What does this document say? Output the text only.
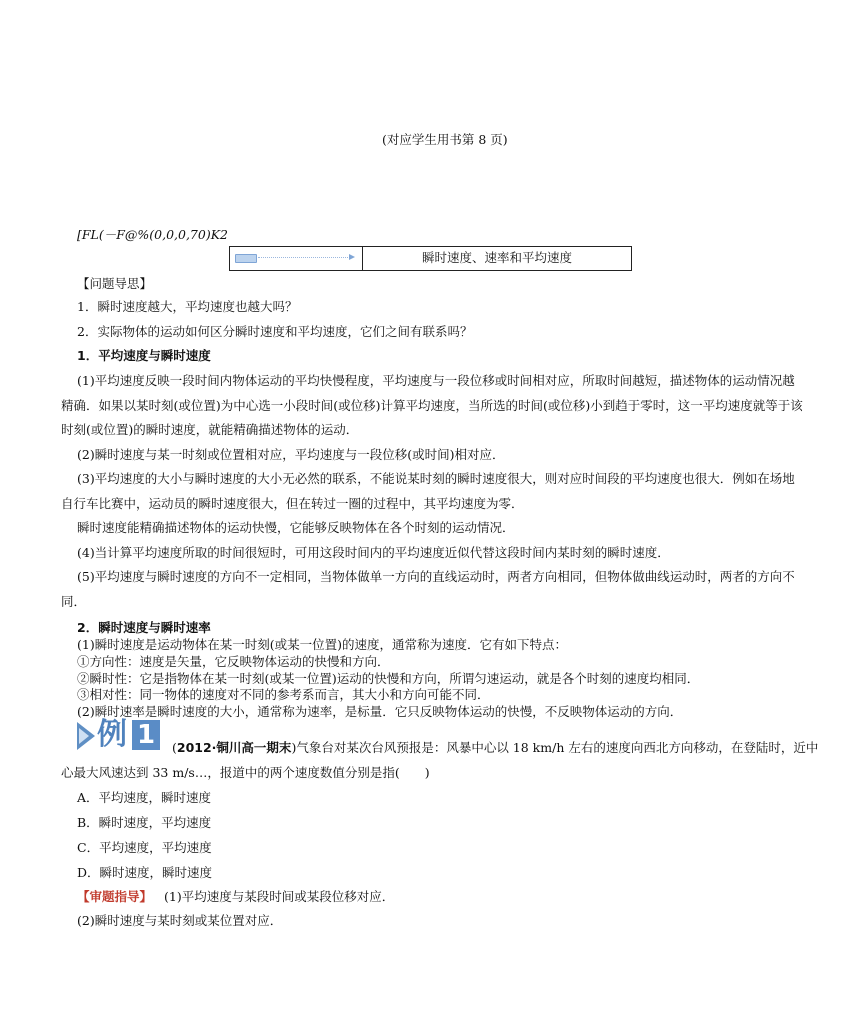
(对应学生用书第 8 页)
[FL(－F@%(0,0,0,70)K2
瞬时速度、速率和平均速度
【问题导思】
1．瞬时速度越大，平均速度也越大吗？
2．实际物体的运动如何区分瞬时速度和平均速度，它们之间有联系吗？
1．平均速度与瞬时速度
(1)平均速度反映一段时间内物体运动的平均快慢程度，平均速度与一段位移或时间相对应，所取时间越短，描述物体的运动情况越
精确．如果以某时刻(或位置)为中心选一小段时间(或位移)计算平均速度，当所选的时间(或位移)小到趋于零时，这一平均速度就等于该
时刻(或位置)的瞬时速度，就能精确描述物体的运动．
(2)瞬时速度与某一时刻或位置相对应，平均速度与一段位移(或时间)相对应．
(3)平均速度的大小与瞬时速度的大小无必然的联系，不能说某时刻的瞬时速度很大，则对应时间段的平均速度也很大．例如在场地
自行车比赛中，运动员的瞬时速度很大，但在转过一圈的过程中，其平均速度为零．
瞬时速度能精确描述物体的运动快慢，它能够反映物体在各个时刻的运动情况．
(4)当计算平均速度所取的时间很短时，可用这段时间内的平均速度近似代替这段时间内某时刻的瞬时速度．
(5)平均速度与瞬时速度的方向不一定相同，当物体做单一方向的直线运动时，两者方向相同，但物体做曲线运动时，两者的方向不
同．
2．瞬时速度与瞬时速率
(1)瞬时速度是运动物体在某一时刻(或某一位置)的速度，通常称为速度．它有如下特点：
①方向性：速度是矢量，它反映物体运动的快慢和方向．
②瞬时性：它是指物体在某一时刻(或某一位置)运动的快慢和方向，所谓匀速运动，就是各个时刻的速度均相同．
③相对性：同一物体的速度对不同的参考系而言，其大小和方向可能不同．
(2)瞬时速率是瞬时速度的大小，通常称为速率，是标量．它只反映物体运动的快慢，不反映物体运动的方向．
例 1	(2012·铜川高一期末)气象台对某次台风预报是：风暴中心以 18 km/h 左右的速度向西北方向移动，在登陆时，近中
心最大风速达到 33 m/s…，报道中的两个速度数值分别是指(　　)
A．平均速度，瞬时速度
B．瞬时速度，平均速度
C．平均速度，平均速度
D．瞬时速度，瞬时速度
【审题指导】 (1)平均速度与某段时间或某段位移对应．
(2)瞬时速度与某时刻或某位置对应．
